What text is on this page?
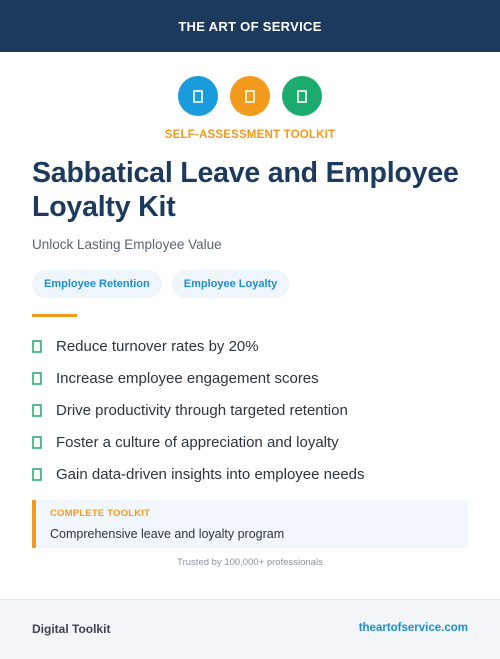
THE ART OF SERVICE
SELF-ASSESSMENT TOOLKIT
Sabbatical Leave and Employee Loyalty Kit
Unlock Lasting Employee Value
Employee Retention	Employee Loyalty
Reduce turnover rates by 20%
Increase employee engagement scores
Drive productivity through targeted retention
Foster a culture of appreciation and loyalty
Gain data-driven insights into employee needs
COMPLETE TOOLKIT
Comprehensive leave and loyalty program
Trusted by 100,000+ professionals
Digital Toolkit	theartofservice.com
